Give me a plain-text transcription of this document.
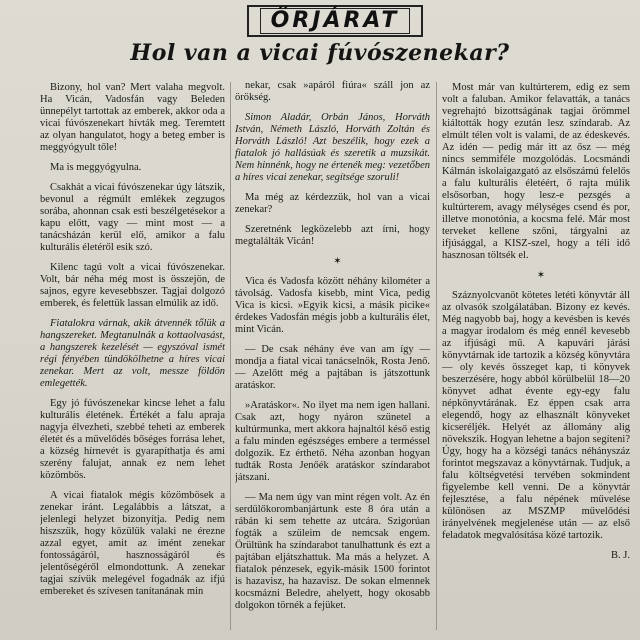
ŐRJÁRAT
Hol van a vicai fúvószenekar?

Bizony, hol van? Mert valaha megvolt. Ha Vicán, Vadosfán vagy Beleden ünnepélyt tartottak az emberek, akkor oda a vicai fúvószenekart hívták meg. Teremtett az olyan hangulatot, hogy a beteg ember is meggyógyult tőle!

Ma is meggyógyulna.

Csakhát a vicai fúvószenekar úgy látszik, bevonul a régmúlt emlékek zegzugos sorába, ahonnan csak esti beszélgetésekor a kapu előtt, vagy — mint most — a tanácsházán kerül elő, amikor a falu kulturális életéről esik szó.

Kilenc tagú volt a vicai fúvószenekar. Volt, bár néha még most is összejön, de sajnos, egyre kevesebbszer. Tagjai dolgozó emberek, és felettük lassan elmúlik az idő.

Fiatalokra várnak, akik átvennék tőlük a hangszereket. Megtanulnák a kottaolvasást, a hangszerek kezelését — egyszóval ismét régi fényében tündökölhetne a híres vicai zenekar. Mert az volt, messze földön emlegették.

Egy jó fúvószenekar kincse lehet a falu kulturális életének. Értékét a falu apraja nagyja élvezheti, szebbé teheti az emberek életét és a művelődés bőséges forrása lehet, a község hírnevét is gyarapíthatja és ami szerény falujat, annak ez nem lehet közömbös.

A vicai fiatalok mégis közömbösek a zenekar iránt. Legalábbis a látszat, a jelenlegi helyzet bizonyítja. Pedig nem hiszszük, hogy közülük valaki ne érezne azzal egyet, amit az imént zenekar fontosságáról, hasznosságáról és jelentőségéről elmondottunk. A zenekar tagjai szívük melegével fogadnák az ifjú embereket és szívesen tanítanának min

nekar, csak »apáról fiúra« száll jon az örökség.

Simon Aladár, Orbán János, Horváth István, Németh László, Horváth Zoltán és Horváth László! Azt beszélik, hogy ezek a fiatalok jó hallásúak és szeretik a muzsikát. Nem hinnénk, hogy ne értenék meg: vezetőben a híres vicai zenekar, segítsége szoruli!

Ma még az kérdezzük, hol van a vicai zenekar?

Szeretnénk legközelebb azt írni, hogy megtalálták Vicán!

✶

Vica és Vadosfa között néhány kilométer a távolság. Vadosfa kisebb, mint Vica, pedig Vica is kicsi. »Egyik kicsi, a másik picike« érdekes Vadosfán mégis jobb a kulturális élet, mint Vicán.

— De csak néhány éve van am így — mondja a fiatal vicai tanácselnök, Rosta Jenő. — Azelőtt még a pajtában is játszottunk aratáskor.

»Aratáskor«. No ilyet ma nem igen hallani. Csak azt, hogy nyáron szünetel a kultúrmunka, mert akkora hajnaltól késő estig a falu minden egészséges embere a terméssel dolgozik. Ez érthető. Néha azonban hogyan tudták Rosta Jenőék aratáskor színdarabot játszani.

— Ma nem úgy van mint régen volt. Az én serdülőkorombanjártunk este 8 óra után a rábán ki sem tehette az utcára. Szigorúan fogták a szüleim de nemcsak engem. Örültünk ha színdarabot tanulhattunk és ezt a pajtában eljátszhattuk. Ma más a helyzet. A fiatalok pénzesek, egyik-másik 1500 forintot is hazavisz, ha hazavisz. De sokan elmennek kocsmázni Beledre, ahelyett, hogy okosabb dolgokon törnék a fejüket.

Most már van kultúrterem, edig ez sem volt a faluban. Amikor felavatták, a tanács vegrehajtó bizottságának tagjai örömmel kiáltották hogy ezután lesz színdarab. Az elmúlt télen volt is valami, de az édeskevés. Az idén — pedig már itt az ősz — még nincs semmiféle mozgolódás. Locsmándi Kálmán iskolaigazgató az elsőszámú felelős a falu kulturális életéért, ő rajta múlik elsősorban, hogy lesz-e pezsgés a kultúrterem, avagy mélységes csend és por, illetve monotónia, a kocsma felé. Már most terveket kellene szőni, tárgyalni az ifjúsággal, a KISZ-szel, hogy a téli idő hasznosan töltsék el.

✶

Száznyolcvanöt kötetes letéti könyvtár áll az olvasók szolgálatában. Bizony ez kevés. Még nagyobb baj, hogy a kevésben is kevés a magyar irodalom és még ennél kevesebb az ifjúsági mű. A kapuvári járási könyvtárnak ide tartozik a község könyvtára — oly kevés összeget kap, ti könyvek beszerzésére, hogy abból körülbelül 18—20 könyvet adhat évente egy-egy falu népkönyvtárának. Ez éppen csak arra elegendő, hogy az elhasznált könyveket kicseréljék. Helyét az állomány alig növekszik. Hogyan lehetne a bajon segíteni? Úgy, hogy ha a községi tanács néhányszáz forintot megszavaz a könyvtárnak. Tudjuk, a falu költségvetési tervében sokmindent figyelembe kell venni. De a könyvtár fejlesztése, a falu népének művelése különösen az MSZMP művelődési irányelvének megjelenése után — az első feladatok megvalósítása közé tartozik.

B. J.
